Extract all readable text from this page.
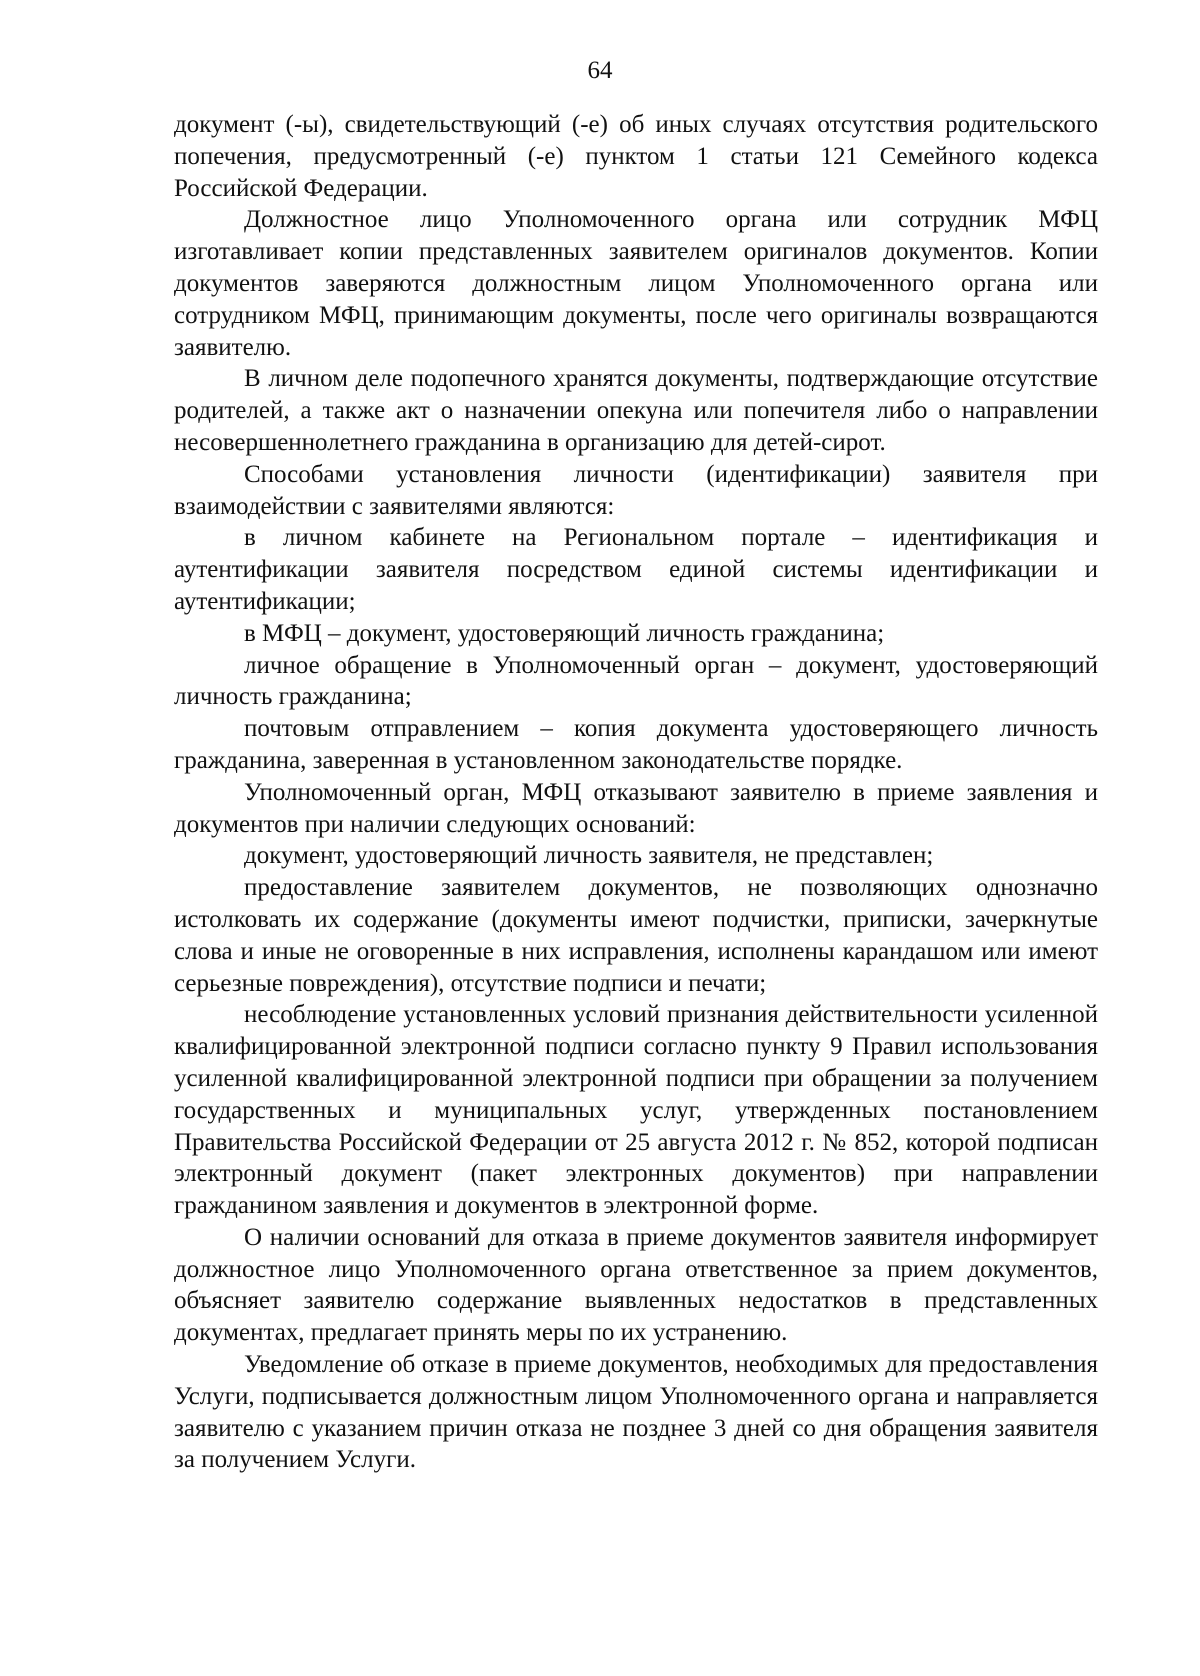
64

документ (-ы), свидетельствующий (-е) об иных случаях отсутствия родительского попечения, предусмотренный (-е) пунктом 1 статьи 121 Семейного кодекса Российской Федерации.

Должностное лицо Уполномоченного органа или сотрудник МФЦ изготавливает копии представленных заявителем оригиналов документов. Копии документов заверяются должностным лицом Уполномоченного органа или сотрудником МФЦ, принимающим документы, после чего оригиналы возвращаются заявителю.

В личном деле подопечного хранятся документы, подтверждающие отсутствие родителей, а также акт о назначении опекуна или попечителя либо о направлении несовершеннолетнего гражданина в организацию для детей-сирот.

Способами установления личности (идентификации) заявителя при взаимодействии с заявителями являются:

в личном кабинете на Региональном портале – идентификация и аутентификации заявителя посредством единой системы идентификации и аутентификации;

в МФЦ – документ, удостоверяющий личность гражданина;

личное обращение в Уполномоченный орган – документ, удостоверяющий личность гражданина;

почтовым отправлением – копия документа удостоверяющего личность гражданина, заверенная в установленном законодательстве порядке.

Уполномоченный орган, МФЦ отказывают заявителю в приеме заявления и документов при наличии следующих оснований:

документ, удостоверяющий личность заявителя, не представлен;

предоставление заявителем документов, не позволяющих однозначно истолковать их содержание (документы имеют подчистки, приписки, зачеркнутые слова и иные не оговоренные в них исправления, исполнены карандашом или имеют серьезные повреждения), отсутствие подписи и печати;

несоблюдение установленных условий признания действительности усиленной квалифицированной электронной подписи согласно пункту 9 Правил использования усиленной квалифицированной электронной подписи при обращении за получением государственных и муниципальных услуг, утвержденных постановлением Правительства Российской Федерации от 25 августа 2012 г. № 852, которой подписан электронный документ (пакет электронных документов) при направлении гражданином заявления и документов в электронной форме.

О наличии оснований для отказа в приеме документов заявителя информирует должностное лицо Уполномоченного органа ответственное за прием документов, объясняет заявителю содержание выявленных недостатков в представленных документах, предлагает принять меры по их устранению.

Уведомление об отказе в приеме документов, необходимых для предоставления Услуги, подписывается должностным лицом Уполномоченного органа и направляется заявителю с указанием причин отказа не позднее 3 дней со дня обращения заявителя за получением Услуги.
